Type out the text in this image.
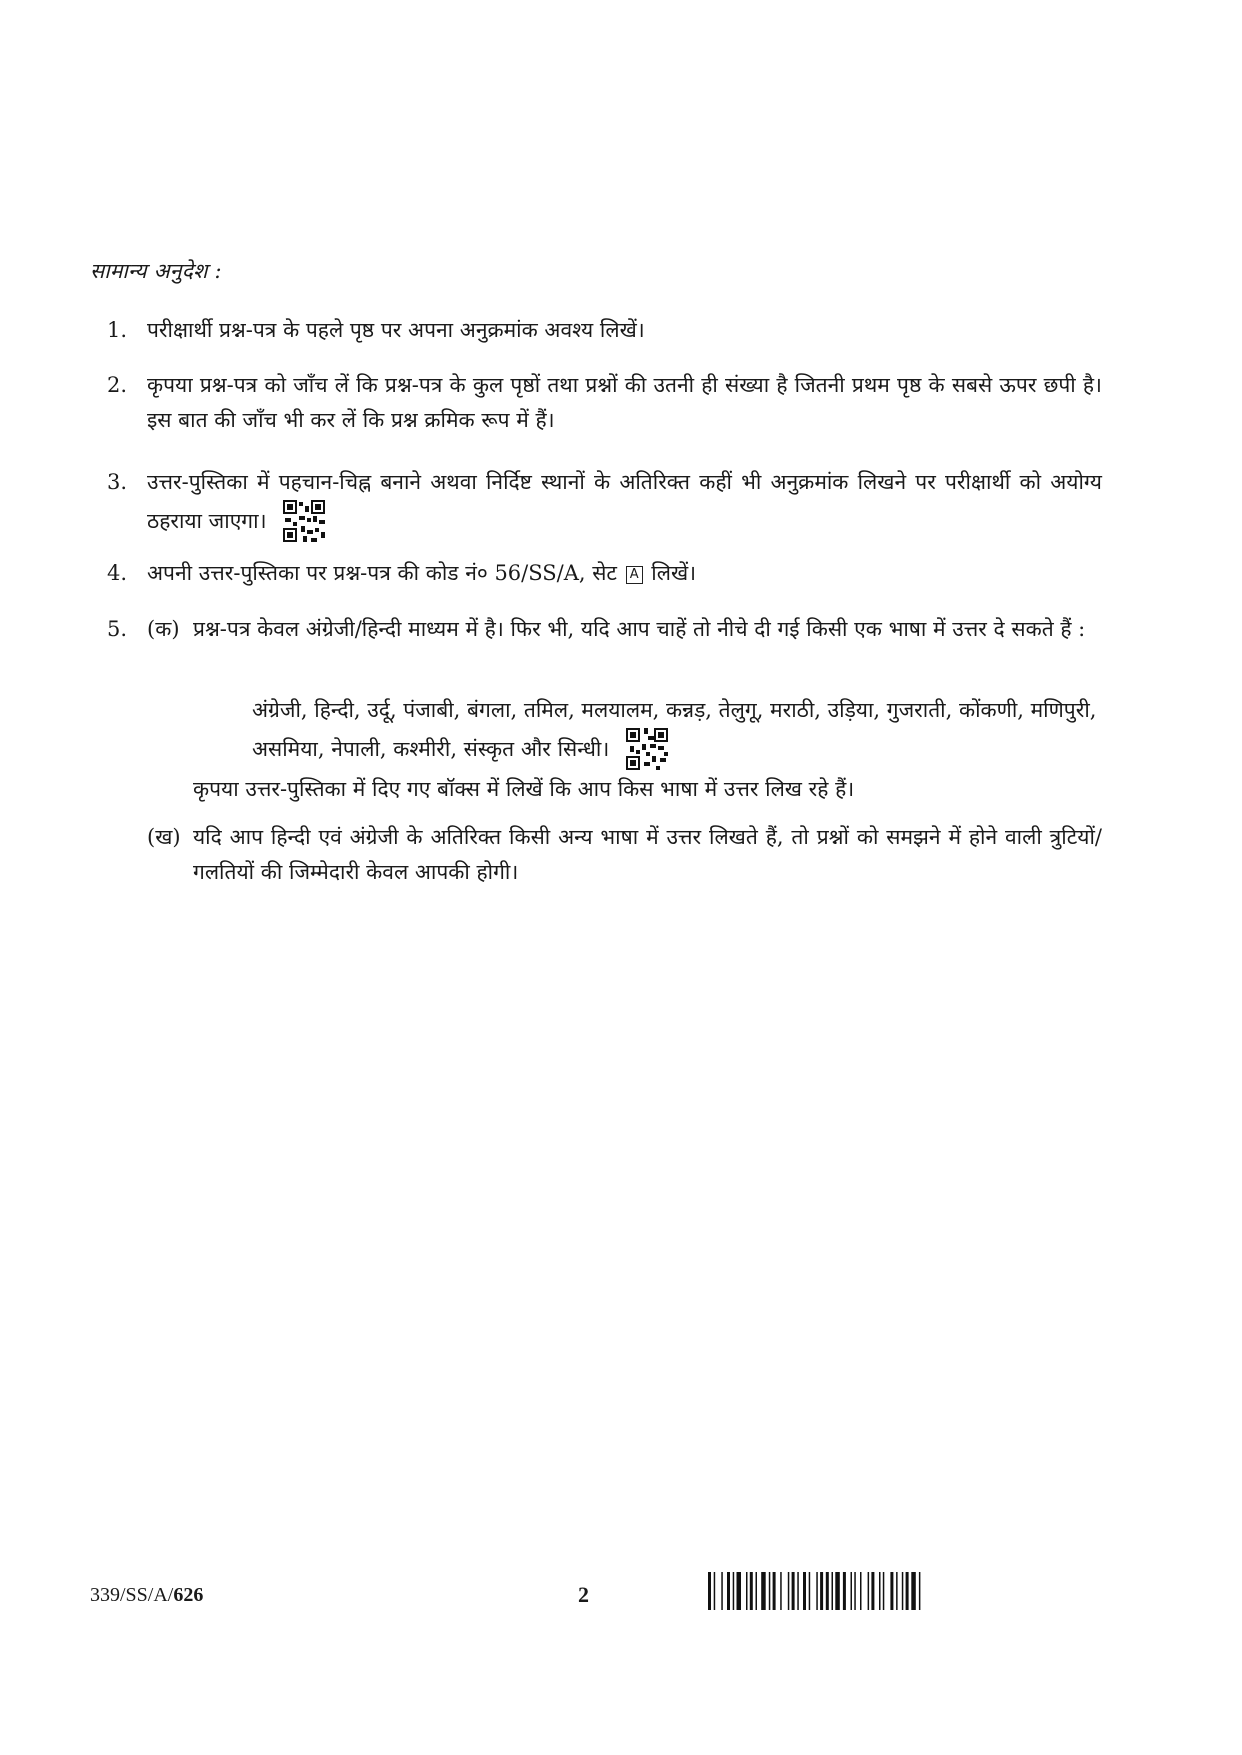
सामान्य अनुदेश :
1. परीक्षार्थी प्रश्न-पत्र के पहले पृष्ठ पर अपना अनुक्रमांक अवश्य लिखें।
2. कृपया प्रश्न-पत्र को जाँच लें कि प्रश्न-पत्र के कुल पृष्ठों तथा प्रश्नों की उतनी ही संख्या है जितनी प्रथम पृष्ठ के सबसे ऊपर छपी है। इस बात की जाँच भी कर लें कि प्रश्न क्रमिक रूप में हैं।
3. उत्तर-पुस्तिका में पहचान-चिह्न बनाने अथवा निर्दिष्ट स्थानों के अतिरिक्त कहीं भी अनुक्रमांक लिखने पर परीक्षार्थी को अयोग्य ठहराया जाएगा।
4. अपनी उत्तर-पुस्तिका पर प्रश्न-पत्र की कोड नं० 56/SS/A, सेट A लिखें।
5. (क) प्रश्न-पत्र केवल अंग्रेजी/हिन्दी माध्यम में है। फिर भी, यदि आप चाहें तो नीचे दी गई किसी एक भाषा में उत्तर दे सकते हैं :
अंग्रेजी, हिन्दी, उर्दू, पंजाबी, बंगला, तमिल, मलयालम, कन्नड़, तेलुगू, मराठी, उड़िया, गुजराती, कोंकणी, मणिपुरी, असमिया, नेपाली, कश्मीरी, संस्कृत और सिन्धी।
कृपया उत्तर-पुस्तिका में दिए गए बॉक्स में लिखें कि आप किस भाषा में उत्तर लिख रहे हैं।
(ख) यदि आप हिन्दी एवं अंग्रेजी के अतिरिक्त किसी अन्य भाषा में उत्तर लिखते हैं, तो प्रश्नों को समझने में होने वाली त्रुटियों/गलतियों की जिम्मेदारी केवल आपकी होगी।
339/SS/A/626	2
